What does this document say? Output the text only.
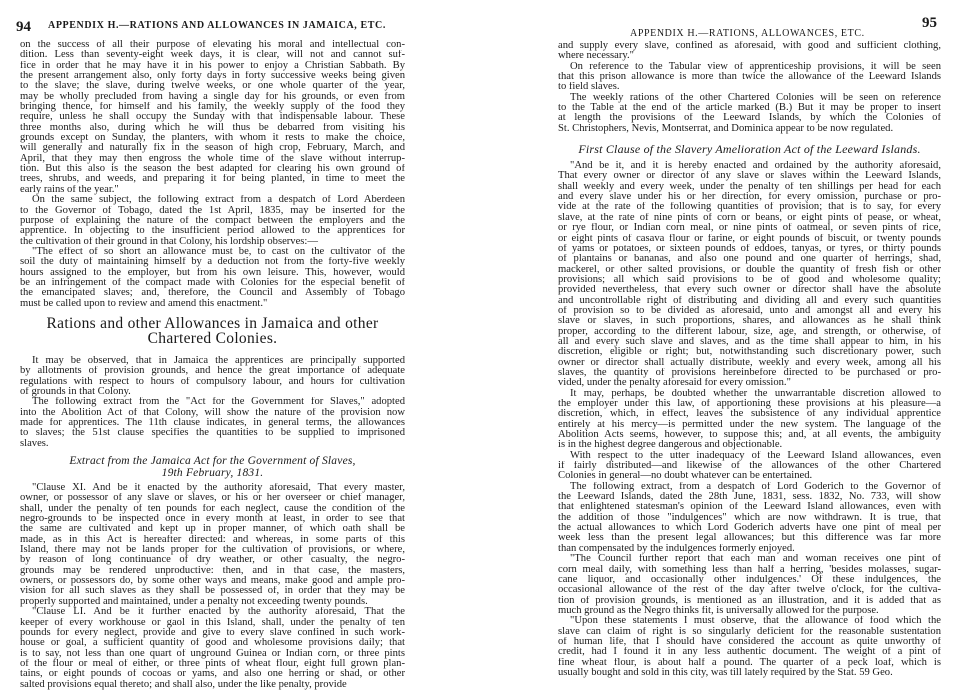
94 APPENDIX H.—RATIONS AND ALLOWANCES IN JAMAICA, ETC.
on the success of all their purpose of elevating his moral and intellectual con-
dition. Less than seventy-eight week days, it is clear, will not and cannot suf-
fice in order that he may have it in his power to enjoy a Christian Sabbath. By
the present arrangement also, only forty days in forty successive weeks being given
to the slave; the slave, during twelve weeks, or one whole quarter of the year,
may be wholly precluded from having a single day for his grounds, or even from
bringing thence, for himself and his family, the weekly supply of the food they
require, unless he shall occupy the Sunday with that indispensable labour. These
three months also, during which he will thus be debarred from visiting his
grounds except on Sunday, the planters, with whom it rests to make the choice,
will generally and naturally fix in the season of high crop, February, March, and
April, that they may then engross the whole time of the slave without interrup-
tion. But this also is the season the best adapted for clearing his own ground of
trees, shrubs, and weeds, and preparing it for being planted, in time to meet the
early rains of the year."
On the same subject, the following extract from a despatch of Lord Aberdeen
to the Governor of Tobago, dated the 1st April, 1835, may be inserted for the
purpose of explaining the nature of the compact between the employers and the
apprentice. In objecting to the insufficient period allowed to the apprentices for
the cultivation of their ground in that Colony, his lordship observes:—
"The effect of so short an allowance must be, to cast on the cultivator of the
soil the duty of maintaining himself by a deduction not from the forty-five weekly
hours assigned to the employer, but from his own leisure. This, however, would
be an infringement of the compact made with Colonies for the especial benefit of
the emancipated slaves; and, therefore, the Council and Assembly of Tobago
must be called upon to review and amend this enactment."
Rations and other Allowances in Jamaica and other
Chartered Colonies.
It may be observed, that in Jamaica the apprentices are principally supported
by allotments of provision grounds, and hence the great importance of adequate
regulations with respect to hours of compulsory labour, and hours for cultivation
of grounds in that Colony.
The following extract from the "Act for the Government for Slaves," adopted
into the Abolition Act of that Colony, will show the nature of the provision now
made for apprentices. The 11th clause indicates, in general terms, the allowances
to slaves; the 51st clause specifies the quantities to be supplied to imprisoned
slaves.
Extract from the Jamaica Act for the Government of Slaves,
19th February, 1831.
"Clause XI. And be it enacted by the authority aforesaid, That every master,
owner, or possessor of any slave or slaves, or his or her overseer or chief manager,
shall, under the penalty of ten pounds for each neglect, cause the condition of the
negro-grounds to be inspected once in every month at least, in order to see that
the same are cultivated and kept up in proper manner, of which oath shall be
made, as in this Act is hereafter directed: and whereas, in some parts of this
Island, there may not be lands proper for the cultivation of provisions, or where,
by reason of long continuance of dry weather, or other casualty, the negro-
grounds may be rendered unproductive: then, and in that case, the masters,
owners, or possessors do, by some other ways and means, make good and ample pro-
vision for all such slaves as they shall be possessed of, in order that they may be
properly supported and maintained, under a penalty not exceeding twenty pounds.
"Clause LI. And be it further enacted by the authority aforesaid, That the
keeper of every workhouse or gaol in this Island, shall, under the penalty of ten
pounds for every neglect, provide and give to every slave confined in such work-
house or goal, a sufficient quantity of good and wholesome provisions daily; that
is to say, not less than one quart of unground Guinea or Indian corn, or three pints
of the flour or meal of either, or three pints of wheat flour, eight full grown plan-
tains, or eight pounds of cocoas or yams, and also one herring or shad, or other
salted provisions equal thereto; and shall also, under the like penalty, provide
APPENDIX H.—RATIONS, ALLOWANCES, ETC.
95
and supply every slave, confined as aforesaid, with good and sufficient clothing,
where necessary."
On reference to the Tabular view of apprenticeship provisions, it will be seen
that this prison allowance is more than twice the allowance of the Leeward Islands
to field slaves.
The weekly rations of the other Chartered Colonies will be seen on reference
to the Table at the end of the article marked (B.) But it may be proper to insert
at length the provisions of the Leeward Islands, by which the Colonies of
St. Christophers, Nevis, Montserrat, and Dominica appear to be now regulated.
First Clause of the Slavery Amelioration Act of the Leeward Islands.
"And be it, and it is hereby enacted and ordained by the authority aforesaid,
That every owner or director of any slave or slaves within the Leeward Islands,
shall weekly and every week, under the penalty of ten shillings per head for each
and every slave under his or her direction, for every omission, purchase or pro-
vide at the rate of the following quantities of provision; that is to say, for every
slave, at the rate of nine pints of corn or beans, or eight pints of pease, or wheat,
or rye flour, or Indian corn meal, or nine pints of oatmeal, or seven pints of rice,
or eight pints of casava flour or farine, or eight pounds of biscuit, or twenty pounds
of yams or potatoes, or sixteen pounds of eddoes, tanyas, or tyres, or thirty pounds
of plantains or bananas, and also one pound and one quarter of herrings, shad,
mackerel, or other salted provisions, or double the quantity of fresh fish or other
provisions; all which said provisions to be of good and wholesome quality;
provided nevertheless, that every such owner or director shall have the absolute
and uncontrollable right of distributing and dividing all and every such quantities
of provision so to be divided as aforesaid, unto and amongst all and every his
slave or slaves, in such proportions, shares, and allowances as he shall think
proper, according to the different labour, size, age, and strength, or otherwise, of
all and every such slave and slaves, and as the time shall appear to him, in his
discretion, eligible or right; but, notwithstanding such discretionary power, such
owner or director shall actually distribute, weekly and every week, among all his
slaves, the quantity of provisions hereinbefore directed to be purchased or pro-
vided, under the penalty aforesaid for every omission."
It may, perhaps, be doubted whether the unwarrantable discretion allowed to
the employer under this law, of apportioning these provisions at his pleasure—a
discretion, which, in effect, leaves the subsistence of any individual apprentice
entirely at his mercy—is permitted under the new system. The language of the
Abolition Acts seems, however, to suppose this; and, at all events, the ambiguity
is in the highest degree dangerous and objectionable.
With respect to the utter inadequacy of the Leeward Island allowances, even
if fairly distributed—and likewise of the allowances of the other Chartered
Colonies in general—no doubt whatever can be entertained.
The following extract, from a despatch of Lord Goderich to the Governor of
the Leeward Islands, dated the 28th June, 1831, sess. 1832, No. 733, will show
that enlightened statesman's opinion of the Leeward Island allowances, even with
the addition of those "indulgences" which are now withdrawn. It is true, that
the actual allowances to which Lord Goderich adverts have one pint of meal per
week less than the present legal allowances; but this difference was far more
than compensated by the indulgences formerly enjoyed.
"The Council further report that each man and woman receives one pint of
corn meal daily, with something less than half a herring, 'besides molasses, sugar-
cane liquor, and occasionally other indulgences.' Of these indulgences, the
occasional allowance of the rest of the day after twelve o'clock, for the cultiva-
tion of provision grounds, is mentioned as an illustration, and it is added that as
much ground as the Negro thinks fit, is universally allowed for the purpose.
"Upon these statements I must observe, that the allowance of food which the
slave can claim of right is so singularly deficient for the reasonable sustentation
of human life, that I should have considered the account as quite unworthy of
credit, had I found it in any less authentic document. The weight of a pint of
fine wheat flour, is about half a pound. The quarter of a peck loaf, which is
usually bought and sold in this city, was till lately required by the Stat. 59 Geo.
